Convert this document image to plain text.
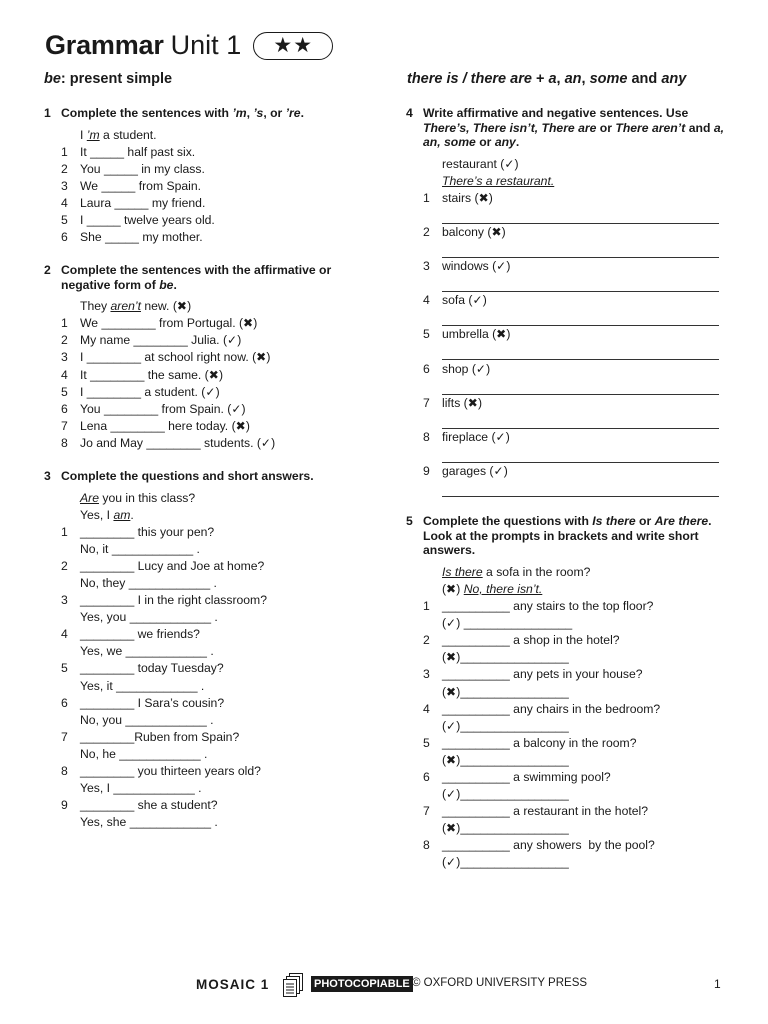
Grammar Unit 1	★★
be: present simple	there is / there are + a, an, some and any
1 Complete the sentences with ’m, ’s, or ’re.
I ’m a student.
1	It _____ half past six.
2	You _____ in my class.
3	We _____ from Spain.
4	Laura _____ my friend.
5	I _____ twelve years old.
6	She _____ my mother.
2 Complete the sentences with the affirmative or negative form of be.
They aren’t new. (✖)
1	We ________ from Portugal. (✖)
2	My name ________ Julia. (✓)
3	I ________ at school right now. (✖)
4	It ________ the same. (✖)
5	I ________ a student. (✓)
6	You ________ from Spain. (✓)
7	Lena ________ here today. (✖)
8	Jo and May ________ students. (✓)
3 Complete the questions and short answers.
Are you in this class?
Yes, I am.
1	________ this your pen?
No, it ____________ .
2	________ Lucy and Joe at home?
No, they ____________ .
3	________ I in the right classroom?
Yes, you ____________ .
4	________ we friends?
Yes, we ____________ .
5	________ today Tuesday?
Yes, it ____________ .
6	________ I Sara’s cousin?
No, you ____________ .
7	________Ruben from Spain?
No, he ____________ .
8	________ you thirteen years old?
Yes, I ____________ .
9	________ she a student?
Yes, she ____________ .
4 Write affirmative and negative sentences. Use There’s, There isn’t, There are or There aren’t and a, an, some or any.
restaurant (✓)
There’s a restaurant.
1	stairs (✖)
2	balcony (✖)
3	windows (✓)
4	sofa (✓)
5	umbrella (✖)
6	shop (✓)
7	lifts (✖)
8	fireplace (✓)
9	garages (✓)
5 Complete the questions with Is there or Are there. Look at the prompts in brackets and write short answers.
Is there a sofa in the room?
(✖) No, there isn’t.
1	__________ any stairs to the top floor?
(✓) ________________
2	__________ a shop in the hotel?
(✖)________________
3	__________ any pets in your house?
(✖)________________
4	__________ any chairs in the bedroom?
(✓)________________
5	__________ a balcony in the room?
(✖)________________
6	__________ a swimming pool?
(✓)________________
7	__________ a restaurant in the hotel?
(✖)________________
8	__________ any showers  by the pool?
(✓)________________
MOSAIC 1	PHOTOCOPIABLE © OXFORD UNIVERSITY PRESS	1
